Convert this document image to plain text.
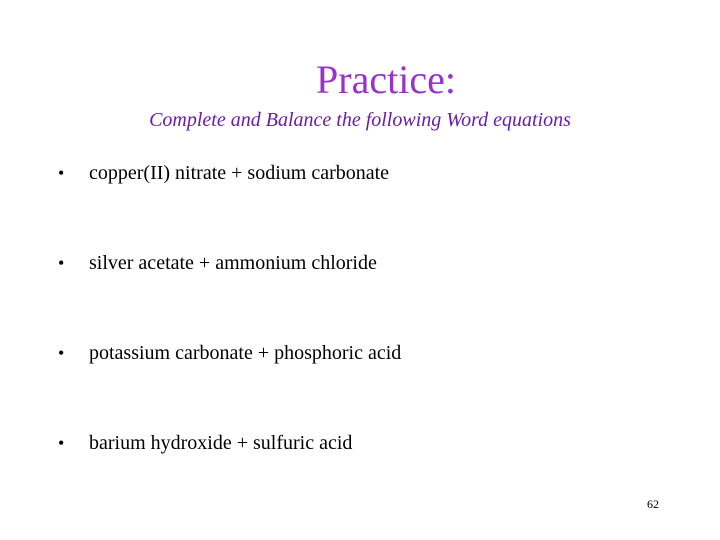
Practice:
Complete and Balance the following Word equations
•	copper(II) nitrate + sodium carbonate
•	silver acetate + ammonium chloride
•	potassium carbonate + phosphoric acid
•	barium hydroxide + sulfuric acid
62
